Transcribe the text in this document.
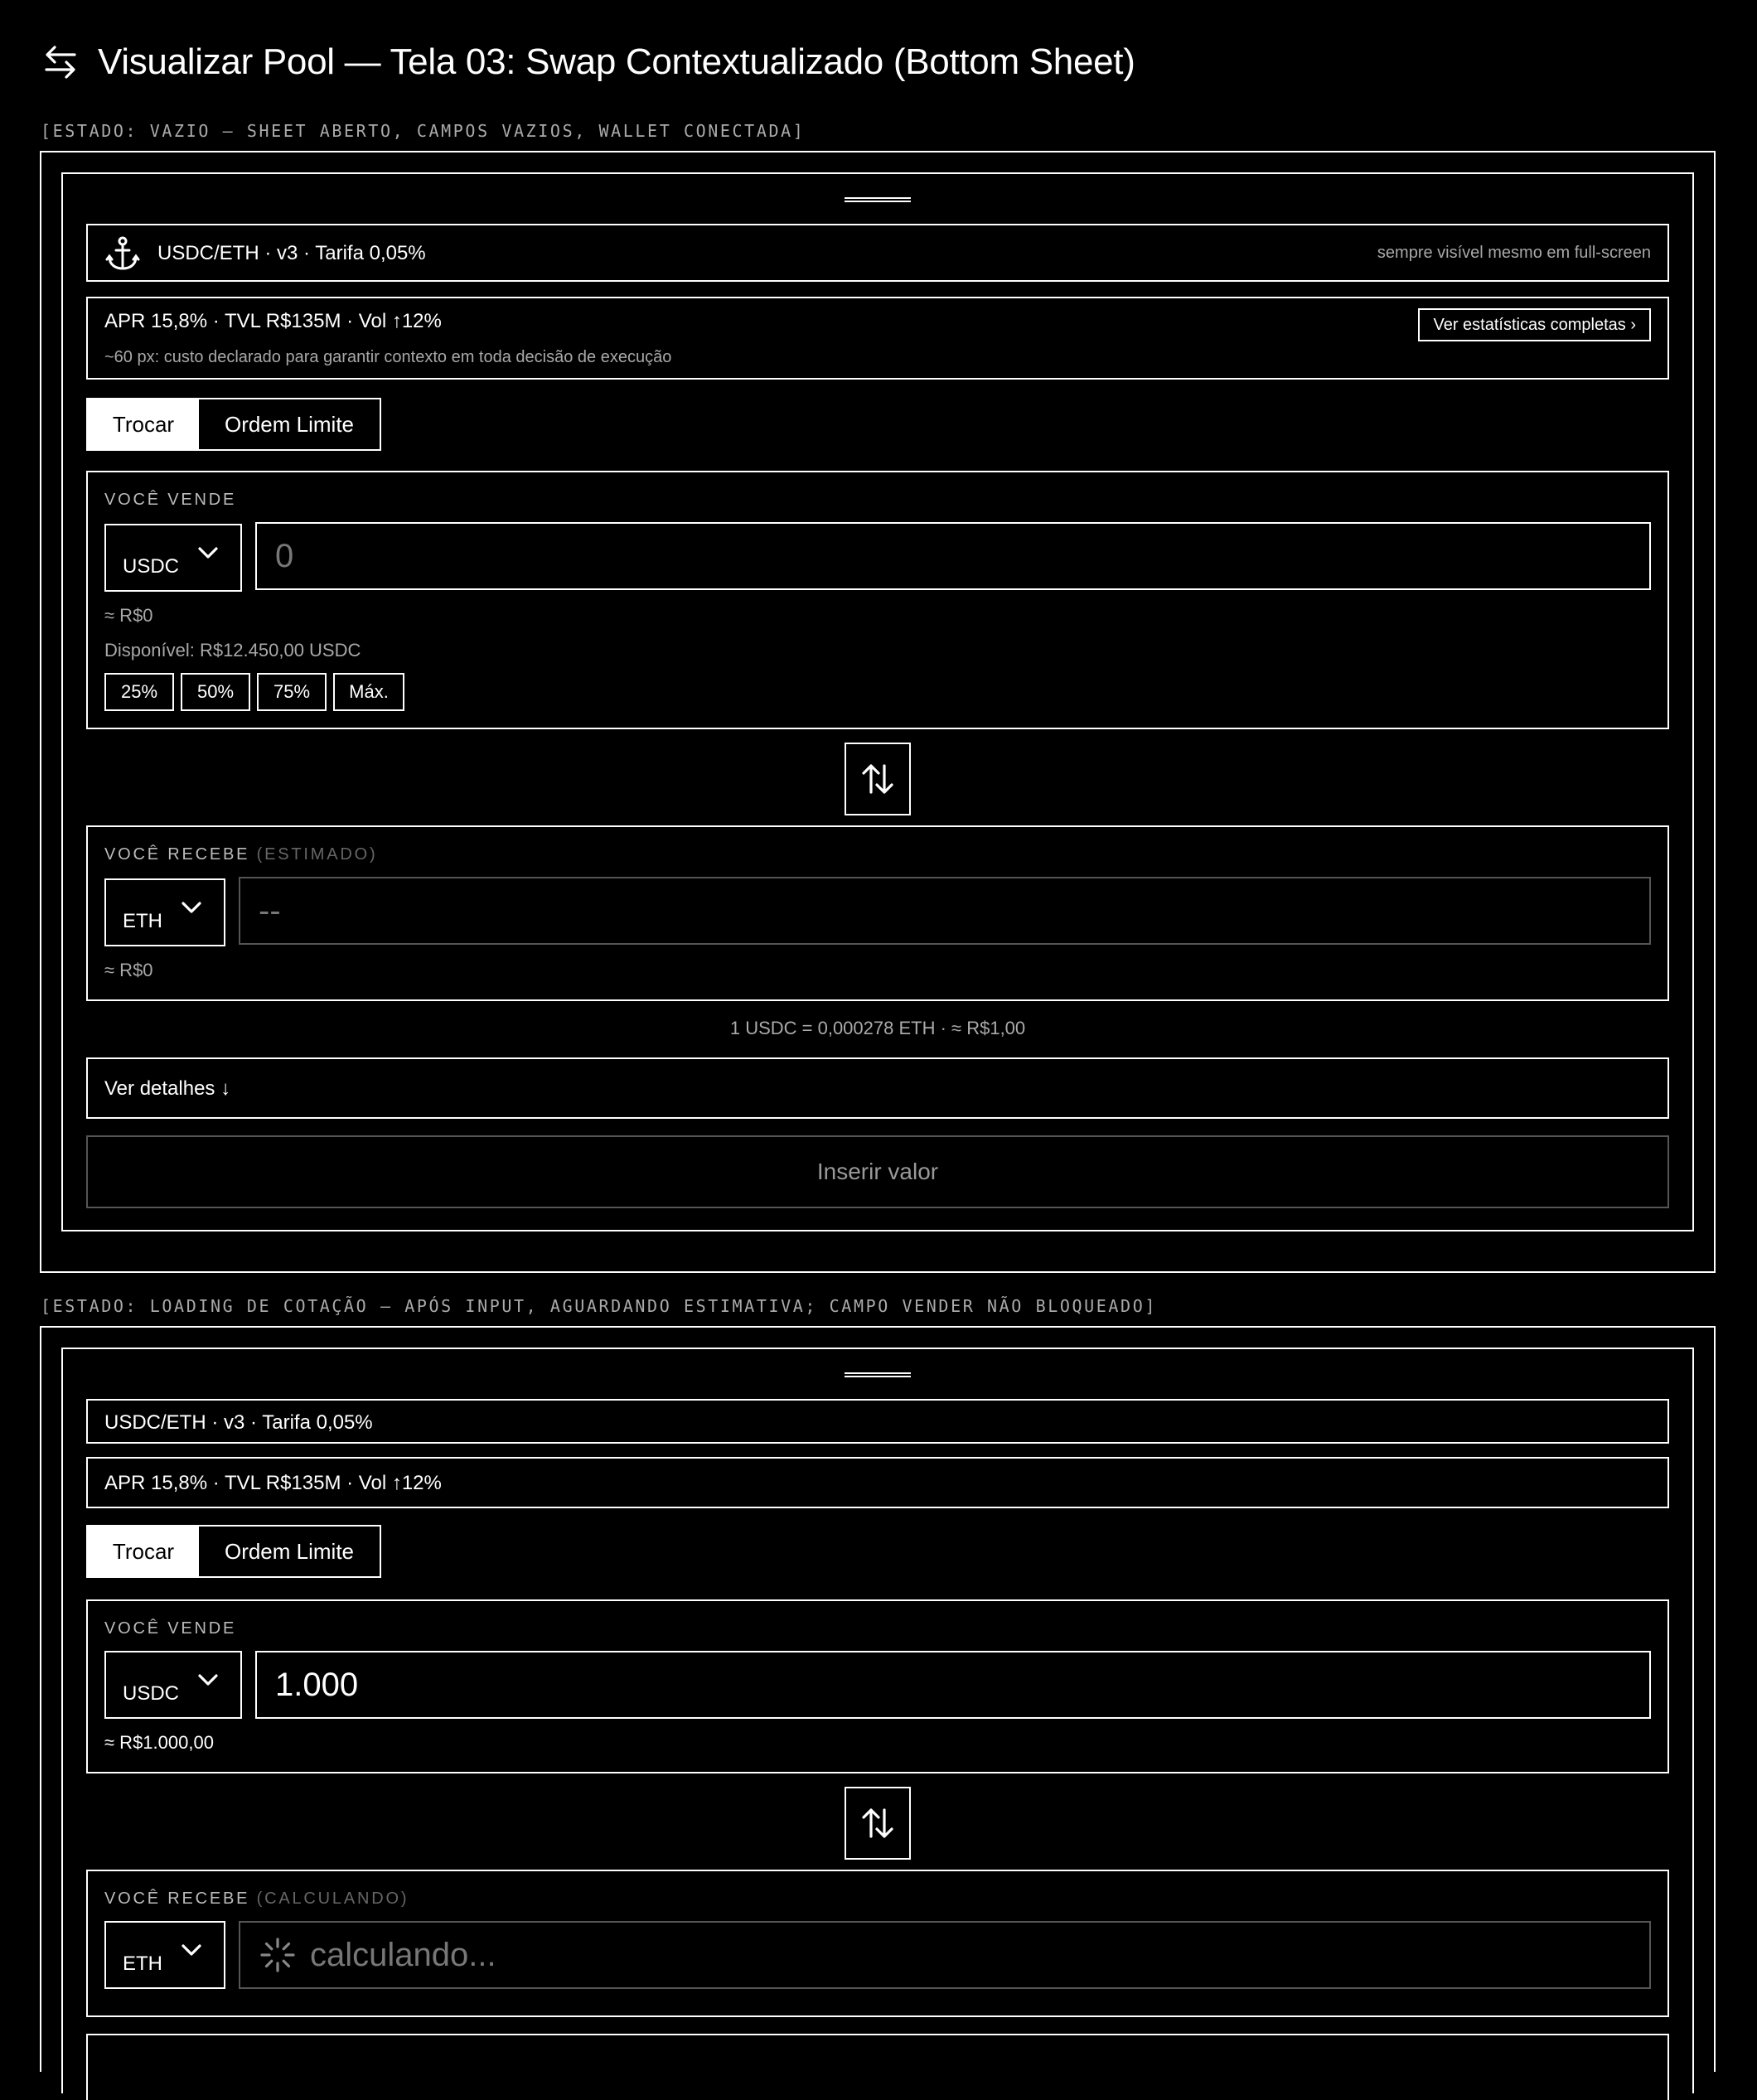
Visualizar Pool — Tela 03: Swap Contextualizado (Bottom Sheet)
[ESTADO: VAZIO — SHEET ABERTO, CAMPOS VAZIOS, WALLET CONECTADA]
USDC/ETH · v3 · Tarifa 0,05%	sempre visível mesmo em full-screen
APR 15,8% · TVL R$135M · Vol ↑12%
~60 px: custo declarado para garantir contexto em toda decisão de execução
Ver estatísticas completas ›
Trocar	Ordem Limite
VOCÊ VENDE
USDC	0
≈ R$0
Disponível: R$12.450,00 USDC
25%	50%	75%	Máx.
VOCÊ RECEBE (ESTIMADO)
ETH	--
≈ R$0
1 USDC = 0,000278 ETH · ≈ R$1,00
Ver detalhes ↓
Inserir valor
[ESTADO: LOADING DE COTAÇÃO — APÓS INPUT, AGUARDANDO ESTIMATIVA; CAMPO VENDER NÃO BLOQUEADO]
USDC/ETH · v3 · Tarifa 0,05%
APR 15,8% · TVL R$135M · Vol ↑12%
Trocar	Ordem Limite
VOCÊ VENDE
USDC	1.000
≈ R$1.000,00
VOCÊ RECEBE (CALCULANDO)
ETH	calculando...
